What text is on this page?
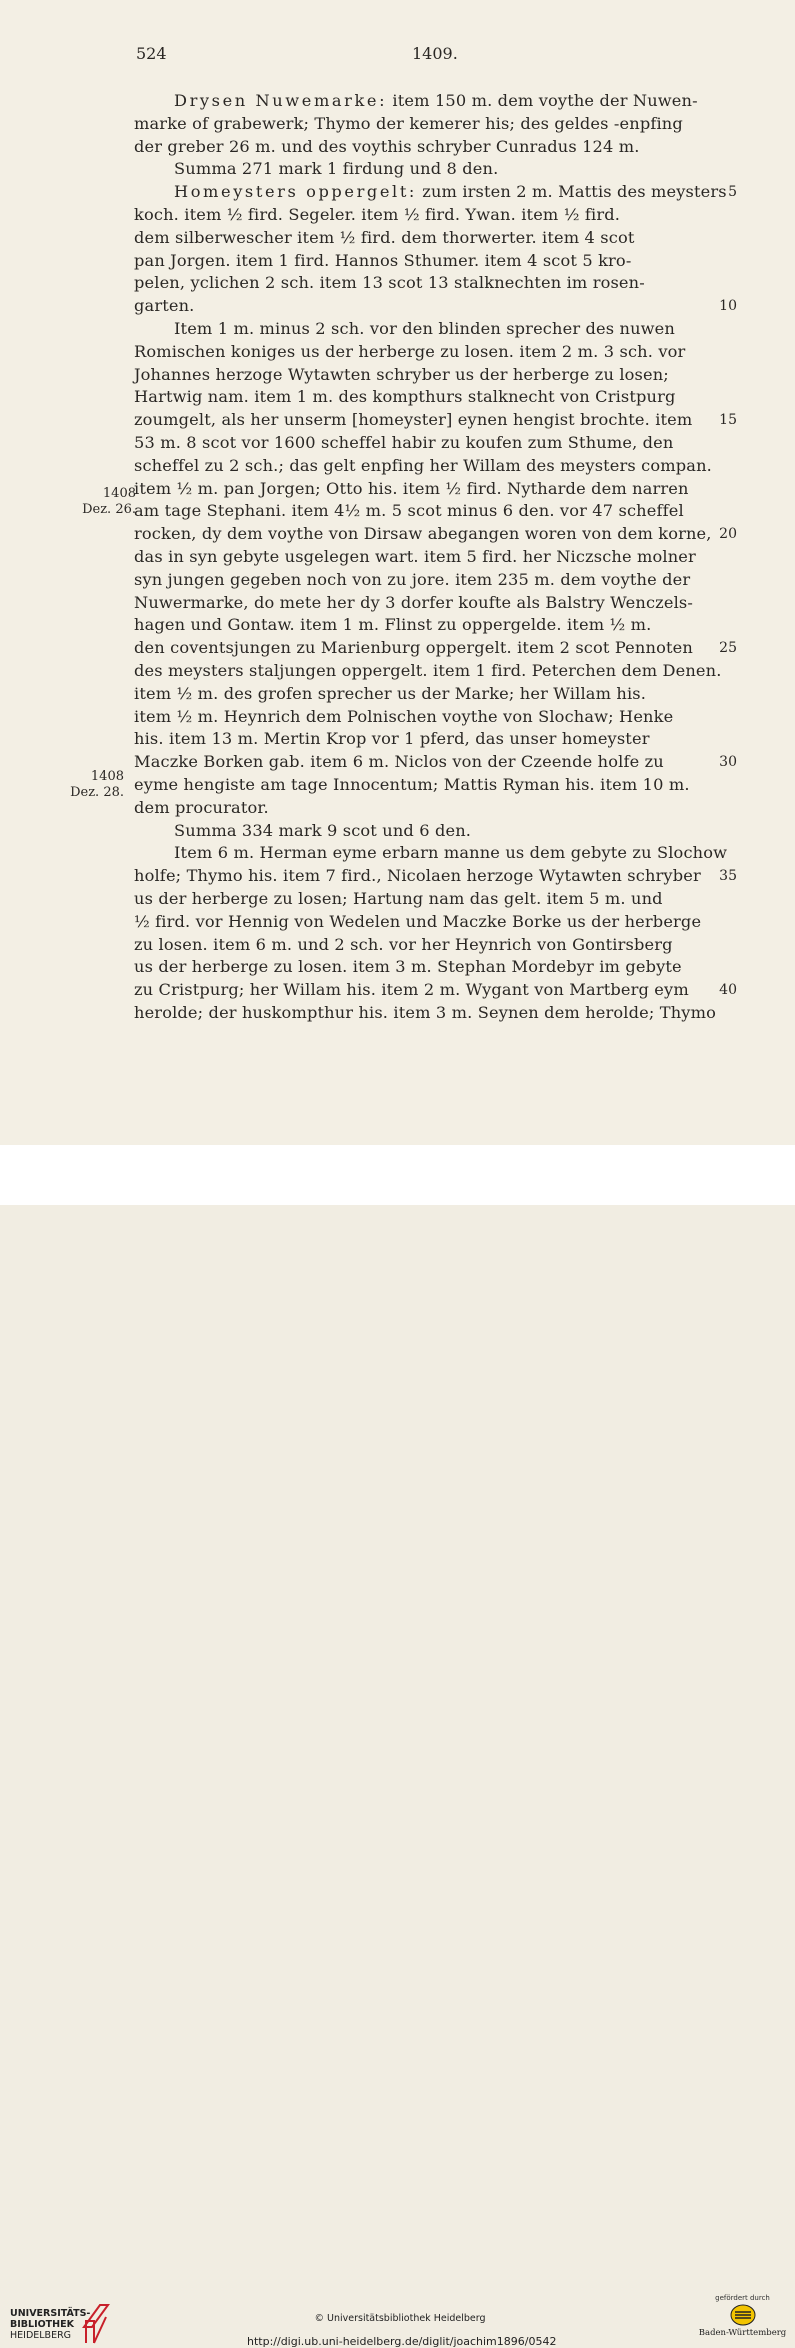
524	1409.
Drysen Nuwemarke: item 150 m. dem voythe der Nuwen-
marke of grabewerk; Thymo der kemerer his; des geldes -enpfing
der greber 26 m. und des voythis schryber Cunradus 124 m.
Summa 271 mark 1 firdung und 8 den.
Homeysters oppergelt: zum irsten 2 m. Mattis des meysters
koch. item ½ fird. Segeler. item ½ fird. Ywan. item ½ fird.
dem silberwescher item ½ fird. dem thorwerter. item 4 scot
pan Jorgen. item 1 fird. Hannos Sthumer. item 4 scot 5 kro-
pelen, yclichen 2 sch. item 13 scot 13 stalknechten im rosen-
garten.
Item 1 m. minus 2 sch. vor den blinden sprecher des nuwen
Romischen koniges us der herberge zu losen. item 2 m. 3 sch. vor
Johannes herzoge Wytawten schryber us der herberge zu losen;
Hartwig nam. item 1 m. des kompthurs stalknecht von Cristpurg
zoumgelt, als her unserm [homeyster] eynen hengist brochte. item
53 m. 8 scot vor 1600 scheffel habir zu koufen zum Sthume, den
scheffel zu 2 sch.; das gelt enpfing her Willam des meysters compan.
item ½ m. pan Jorgen; Otto his. item ½ fird. Nytharde dem narren
am tage Stephani. item 4½ m. 5 scot minus 6 den. vor 47 scheffel
rocken, dy dem voythe von Dirsaw abegangen woren von dem korne,
das in syn gebyte usgelegen wart. item 5 fird. her Niczsche molner
syn jungen gegeben noch von zu jore. item 235 m. dem voythe der
Nuwermarke, do mete her dy 3 dorfer koufte als Balstry Wenczels-
hagen und Gontaw. item 1 m. Flinst zu oppergelde. item ½ m.
den coventsjungen zu Marienburg oppergelt. item 2 scot Pennoten
des meysters staljungen oppergelt. item 1 fird. Peterchen dem Denen.
item ½ m. des grofen sprecher us der Marke; her Willam his.
item ½ m. Heynrich dem Polnischen voythe von Slochaw; Henke
his. item 13 m. Mertin Krop vor 1 pferd, das unser homeyster
Maczke Borken gab. item 6 m. Niclos von der Czeende holfe zu
eyme hengiste am tage Innocentum; Mattis Ryman his. item 10 m.
dem procurator.
Summa 334 mark 9 scot und 6 den.
Item 6 m. Herman eyme erbarn manne us dem gebyte zu Slochow
holfe; Thymo his. item 7 fird., Nicolaen herzoge Wytawten schryber
us der herberge zu losen; Hartung nam das gelt. item 5 m. und
½ fird. vor Hennig von Wedelen und Maczke Borke us der herberge
zu losen. item 6 m. und 2 sch. vor her Heynrich von Gontirsberg
us der herberge zu losen. item 3 m. Stephan Mordebyr im gebyte
zu Cristpurg; her Willam his. item 2 m. Wygant von Martberg eym
herolde; der huskompthur his. item 3 m. Seynen dem herolde; Thymo
5
10
15
20
25
30
35
40
1408
Dez. 26.
1408
Dez. 28.
UNIVERSITÄTS-
BIBLIOTHEK
HEIDELBERG
© Universitätsbibliothek Heidelberg
http://digi.ub.uni-heidelberg.de/diglit/joachim1896/0542
gefördert durch
Baden-Württemberg
